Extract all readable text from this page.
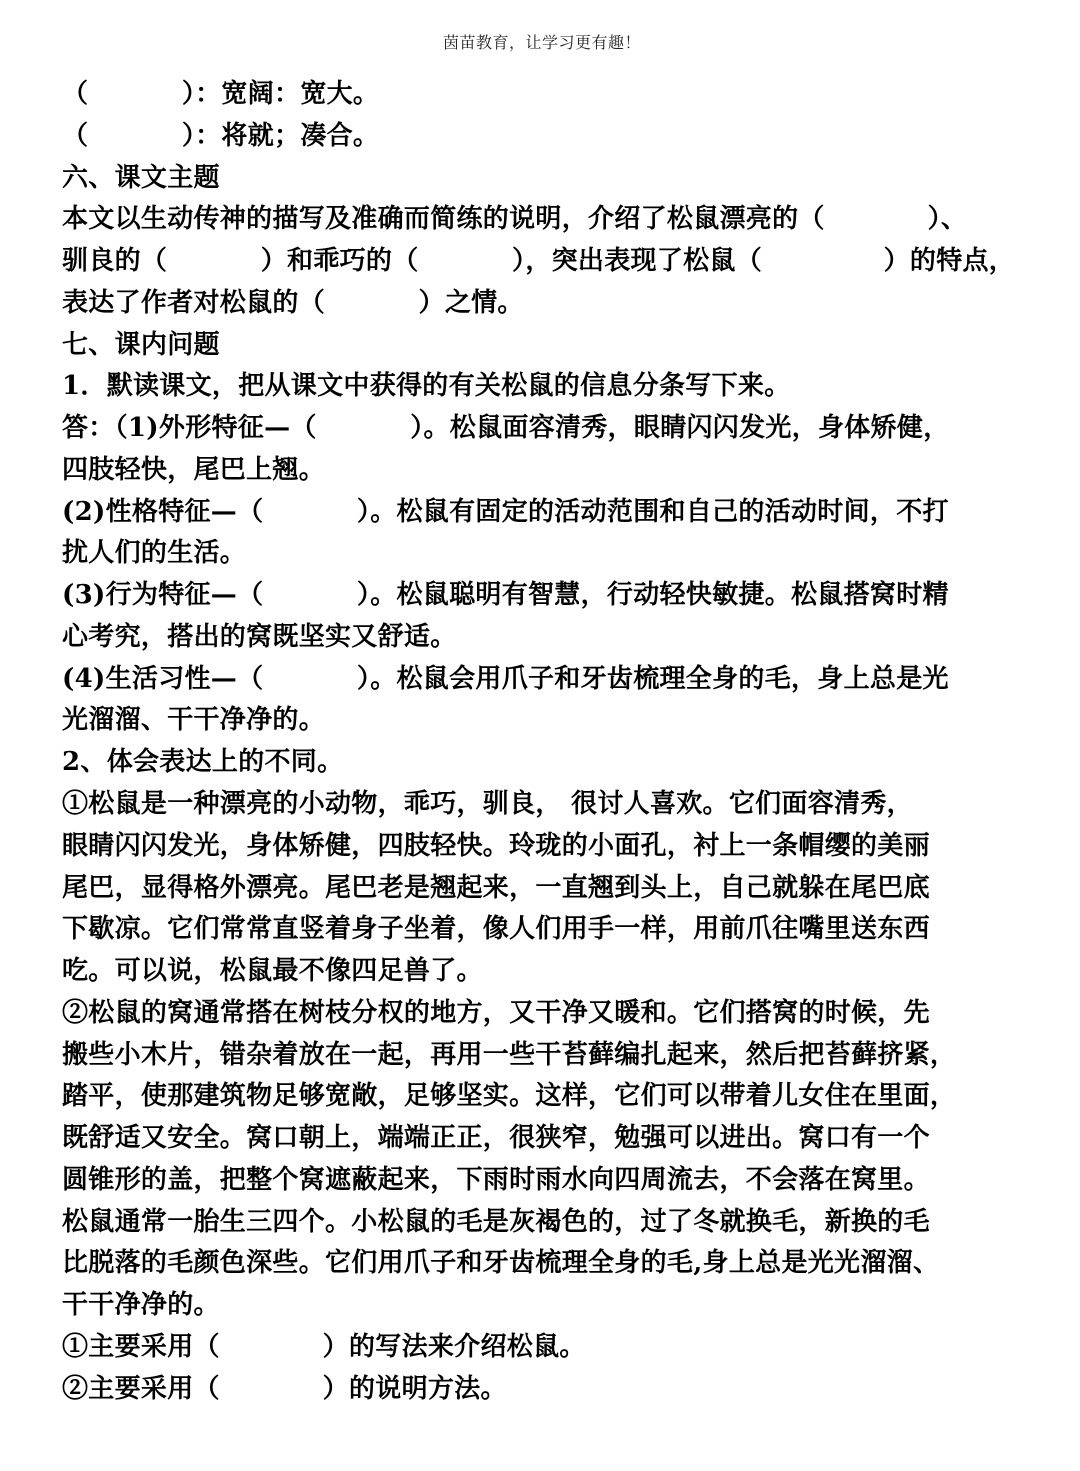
茵苗教育，让学习更有趣！

（          ）：宽阔：宽大。

（          ）：将就；凑合。

六、课文主题

本文以生动传神的描写及准确而简练的说明，介绍了松鼠漂亮的（           ）、

驯良的（          ）和乖巧的（          ），突出表现了松鼠（             ）的特点，

表达了作者对松鼠的（          ）之情。

七、课内问题

1．默读课文，把从课文中获得的有关松鼠的信息分条写下来。

答：（1)外形特征—（          ）。松鼠面容清秀，眼睛闪闪发光，身体矫健，

四肢轻快，尾巴上翘。

(2)性格特征—（          ）。松鼠有固定的活动范围和自己的活动时间，不打

扰人们的生活。

(3)行为特征—（          ）。松鼠聪明有智慧，行动轻快敏捷。松鼠搭窝时精

心考究，搭出的窝既坚实又舒适。

(4)生活习性—（          ）。松鼠会用爪子和牙齿梳理全身的毛，身上总是光

光溜溜、干干净净的。

2、体会表达上的不同。

①松鼠是一种漂亮的小动物，乖巧，驯良， 很讨人喜欢。它们面容清秀，

眼睛闪闪发光，身体矫健，四肢轻快。玲珑的小面孔，衬上一条帽缨的美丽

尾巴，显得格外漂亮。尾巴老是翘起来，一直翘到头上，自己就躲在尾巴底

下歇凉。它们常常直竖着身子坐着，像人们用手一样，用前爪往嘴里送东西

吃。可以说，松鼠最不像四足兽了。

②松鼠的窝通常搭在树枝分权的地方，又干净又暖和。它们搭窝的时候，先

搬些小木片，错杂着放在一起，再用一些干苔藓编扎起来，然后把苔藓挤紧，

踏平，使那建筑物足够宽敞，足够坚实。这样，它们可以带着儿女住在里面，

既舒适又安全。窝口朝上，端端正正，很狭窄，勉强可以进出。窝口有一个

圆锥形的盖，把整个窝遮蔽起来，下雨时雨水向四周流去，不会落在窝里。

松鼠通常一胎生三四个。小松鼠的毛是灰褐色的，过了冬就换毛，新换的毛

比脱落的毛颜色深些。它们用爪子和牙齿梳理全身的毛,身上总是光光溜溜、

干干净净的。

①主要采用（           ）的写法来介绍松鼠。

②主要采用（           ）的说明方法。
